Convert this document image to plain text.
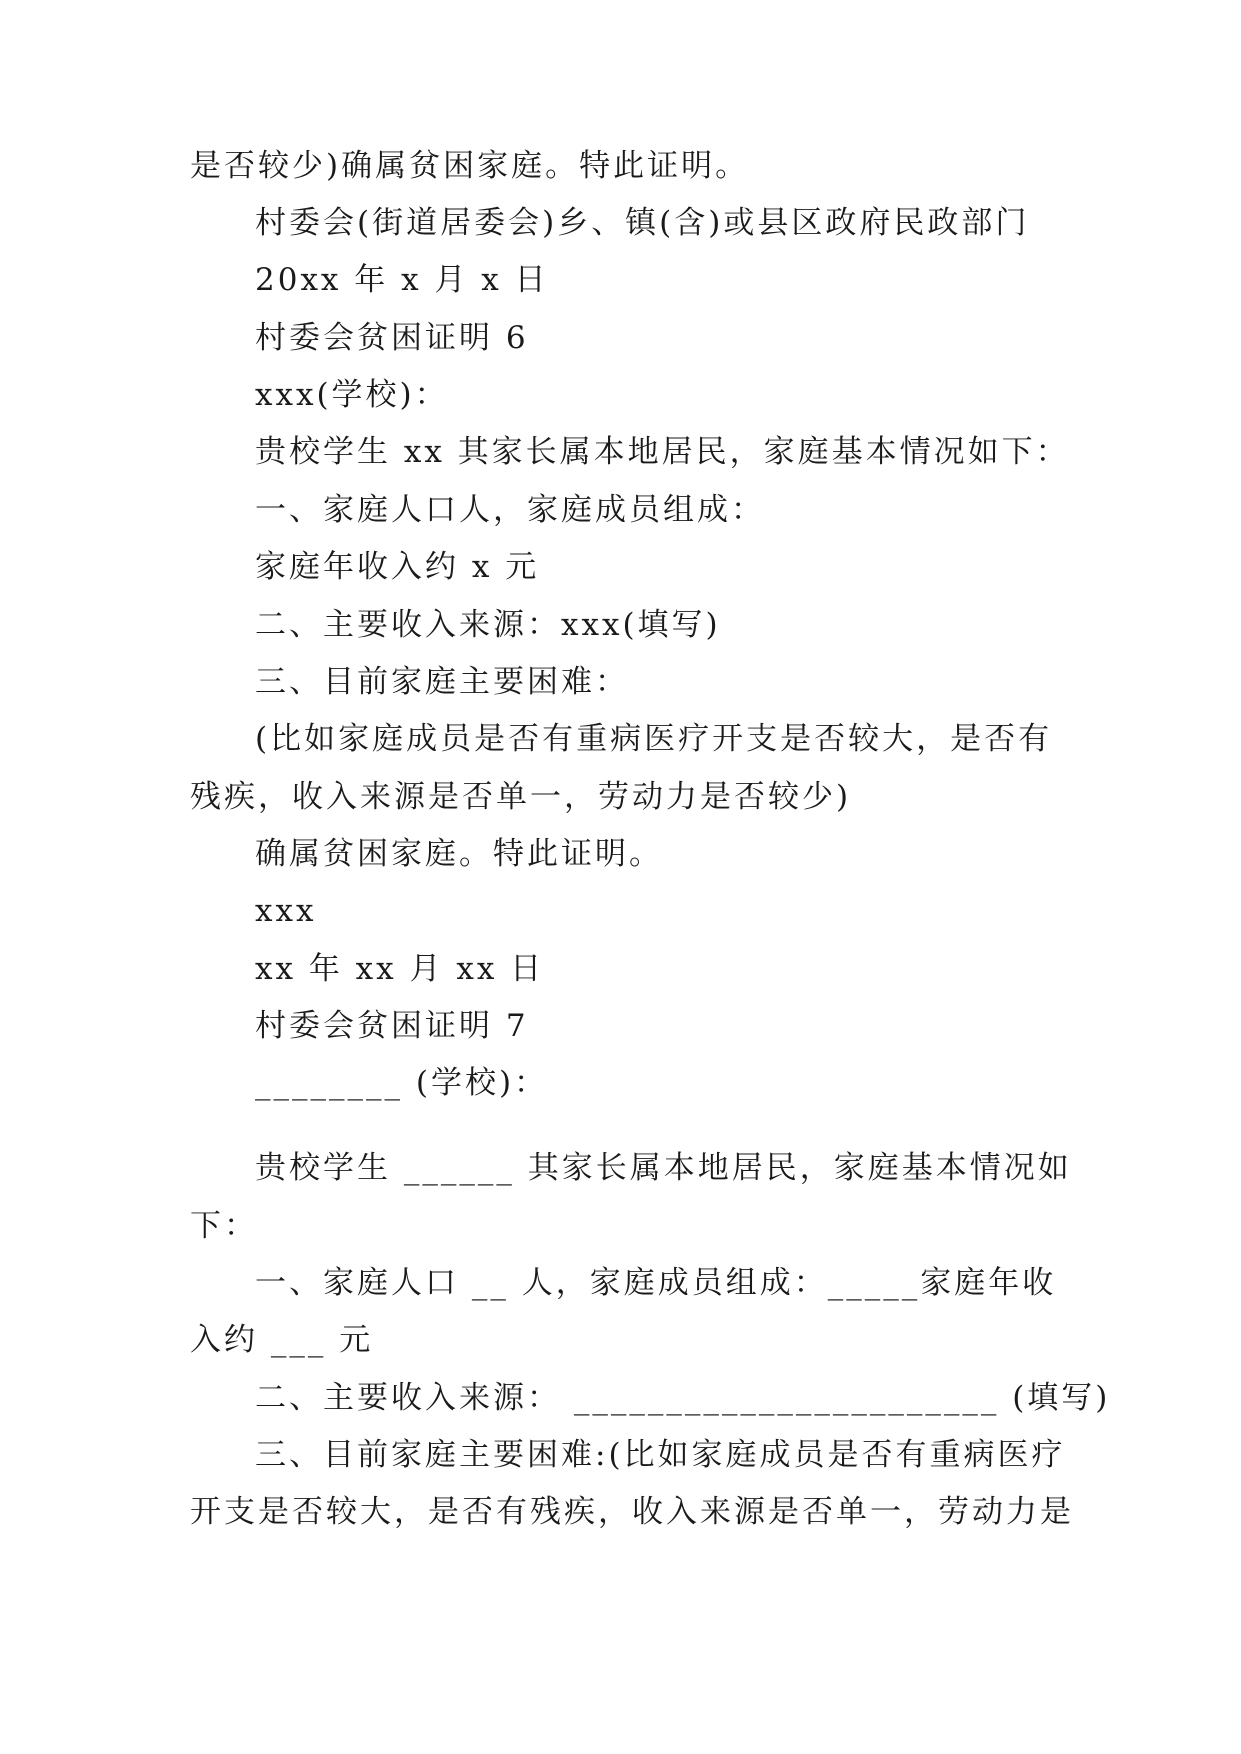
是否较少)确属贫困家庭。特此证明。
村委会(街道居委会)乡、镇(含)或县区政府民政部门
20xx 年 x 月 x 日
村委会贫困证明 6
xxx(学校)：
贵校学生 xx 其家长属本地居民，家庭基本情况如下：
一、家庭人口人，家庭成员组成：
家庭年收入约 x 元
二、主要收入来源：xxx(填写)
三、目前家庭主要困难：
(比如家庭成员是否有重病医疗开支是否较大，是否有
残疾，收入来源是否单一，劳动力是否较少)
确属贫困家庭。特此证明。
xxx
xx 年 xx 月 xx 日
村委会贫困证明 7
________ (学校)：
贵校学生 ______ 其家长属本地居民，家庭基本情况如
下：
一、家庭人口 __ 人，家庭成员组成：_____家庭年收
入约 ___ 元
二、主要收入来源： _______________________ (填写)
三、目前家庭主要困难:(比如家庭成员是否有重病医疗
开支是否较大，是否有残疾，收入来源是否单一，劳动力是
